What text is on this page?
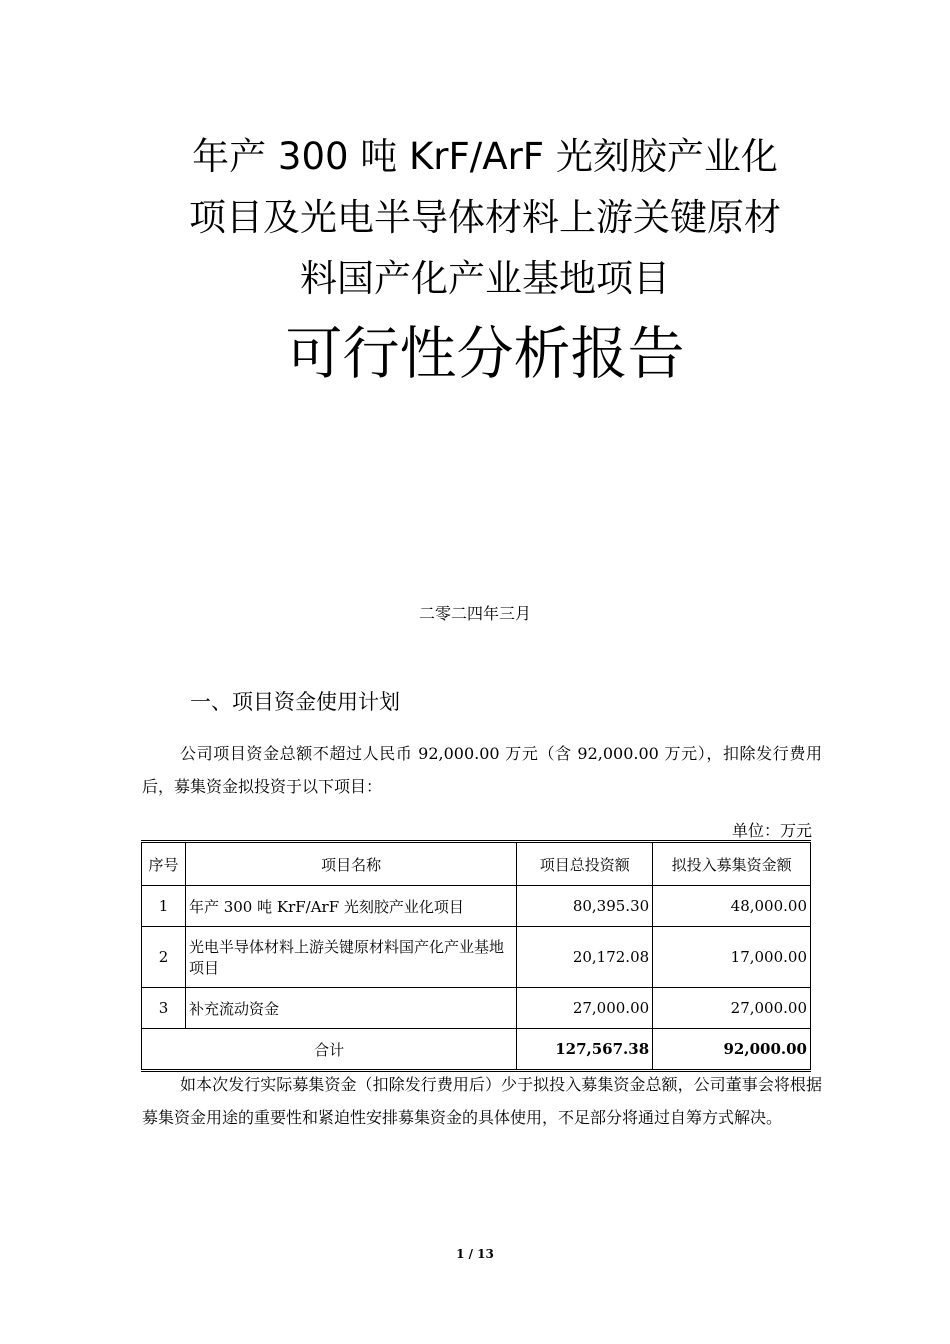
年产 300 吨 KrF/ArF 光刻胶产业化
项目及光电半导体材料上游关键原材
料国产化产业基地项目
可行性分析报告
二零二四年三月
一、项目资金使用计划

公司项目资金总额不超过人民币 92,000.00 万元（含 92,000.00 万元），扣除发行费用后，募集资金拟投资于以下项目：

单位：万元
序号	项目名称	项目总投资额	拟投入募集资金额
1	年产 300 吨 KrF/ArF 光刻胶产业化项目	80,395.30	48,000.00
2	光电半导体材料上游关键原材料国产化产业基地项目	20,172.08	17,000.00
3	补充流动资金	27,000.00	27,000.00
合计		127,567.38	92,000.00

如本次发行实际募集资金（扣除发行费用后）少于拟投入募集资金总额，公司董事会将根据募集资金用途的重要性和紧迫性安排募集资金的具体使用，不足部分将通过自筹方式解决。

1 / 13
